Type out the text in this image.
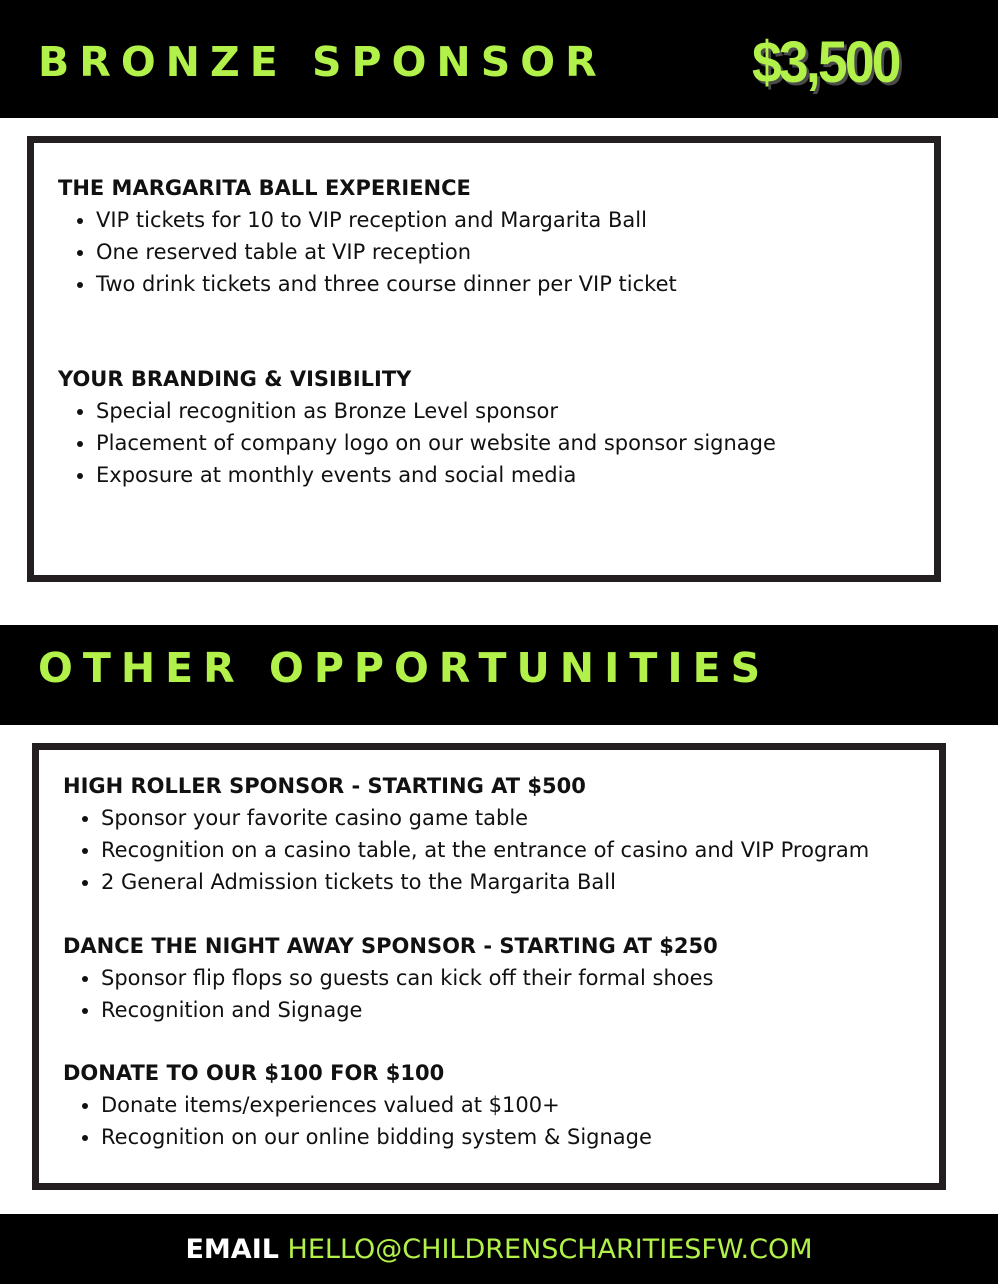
BRONZE SPONSOR	$3,500
THE MARGARITA BALL EXPERIENCE
VIP tickets for 10 to VIP reception and Margarita Ball
One reserved table at VIP reception
Two drink tickets and three course dinner per VIP ticket
YOUR BRANDING & VISIBILITY
Special recognition as Bronze Level sponsor
Placement of company logo on our website and sponsor signage
Exposure at monthly events and social media
OTHER OPPORTUNITIES
HIGH ROLLER SPONSOR - STARTING AT $500
Sponsor your favorite casino game table
Recognition on a casino table, at the entrance of casino and VIP Program
2 General Admission tickets to the Margarita Ball
DANCE THE NIGHT AWAY SPONSOR - STARTING AT $250
Sponsor flip flops so guests can kick off their formal shoes
Recognition and Signage
DONATE TO OUR $100 FOR $100
Donate items/experiences valued at $100+
Recognition on our online bidding system & Signage
EMAIL HELLO@CHILDRENSCHARITIESFW.COM
